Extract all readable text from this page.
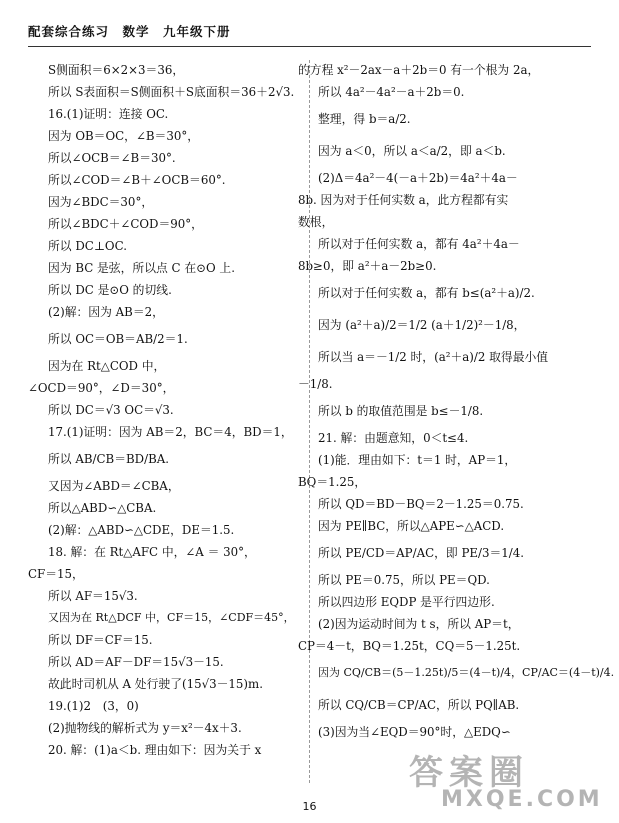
配套综合练习　数学　九年级下册
S侧面积＝6×2×3＝36，
所以 S表面积＝S侧面积＋S底面积＝36＋2√3.
16.(1)证明：连接 OC.
因为 OB＝OC，∠B＝30°，
所以∠OCB＝∠B＝30°.
所以∠COD＝∠B＋∠OCB＝60°.
因为∠BDC＝30°，
所以∠BDC＋∠COD＝90°，
所以 DC⊥OC.
因为 BC 是弦，所以点 C 在⊙O 上.
所以 DC 是⊙O 的切线.
(2)解：因为 AB＝2，
所以 OC＝OB＝AB/2＝1.
因为在 Rt△COD 中，
∠OCD＝90°，∠D＝30°，
所以 DC＝√3 OC＝√3.
17.(1)证明：因为 AB＝2，BC＝4，BD＝1，
所以 AB/CB＝BD/BA.
又因为∠ABD＝∠CBA，
所以△ABD∽△CBA.
(2)解：△ABD∽△CDE，DE＝1.5.
18. 解：在 Rt△AFC 中，∠A ＝ 30°，
CF＝15，
所以 AF＝15√3.
又因为在 Rt△DCF 中，CF＝15，∠CDF＝45°，
所以 DF＝CF＝15.
所以 AD＝AF－DF＝15√3－15.
故此时司机从 A 处行驶了(15√3－15)m.
19.(1)2　(3，0)
(2)抛物线的解析式为 y＝x²－4x＋3.
20. 解：(1)a＜b. 理由如下：因为关于 x
的方程 x²－2ax－a＋2b＝0 有一个根为 2a，
所以 4a²－4a²－a＋2b＝0.
整理，得 b＝a/2.
因为 a＜0，所以 a＜a/2，即 a＜b.
(2)Δ＝4a²－4(－a＋2b)＝4a²＋4a－
8b. 因为对于任何实数 a，此方程都有实
数根，
所以对于任何实数 a，都有 4a²＋4a－
8b≥0，即 a²＋a－2b≥0.
所以对于任何实数 a，都有 b≤(a²＋a)/2.
因为 (a²＋a)/2＝1/2 (a＋1/2)²－1/8，
所以当 a＝－1/2 时，(a²＋a)/2 取得最小值
－1/8.
所以 b 的取值范围是 b≤－1/8.
21. 解：由题意知，0＜t≤4.
(1)能．理由如下：t＝1 时，AP＝1，
BQ＝1.25，
所以 QD＝BD－BQ＝2－1.25＝0.75.
因为 PE∥BC，所以△APE∽△ACD.
所以 PE/CD＝AP/AC，即 PE/3＝1/4.
所以 PE＝0.75，所以 PE＝QD.
所以四边形 EQDP 是平行四边形.
(2)因为运动时间为 t s，所以 AP＝t，
CP＝4－t，BQ＝1.25t，CQ＝5－1.25t.
因为 CQ/CB＝(5－1.25t)/5＝(4－t)/4，CP/AC＝(4－t)/4.
所以 CQ/CB＝CP/AC，所以 PQ∥AB.
(3)因为当∠EQD＝90°时，△EDQ∽
16
答案圈
MXQE.COM
